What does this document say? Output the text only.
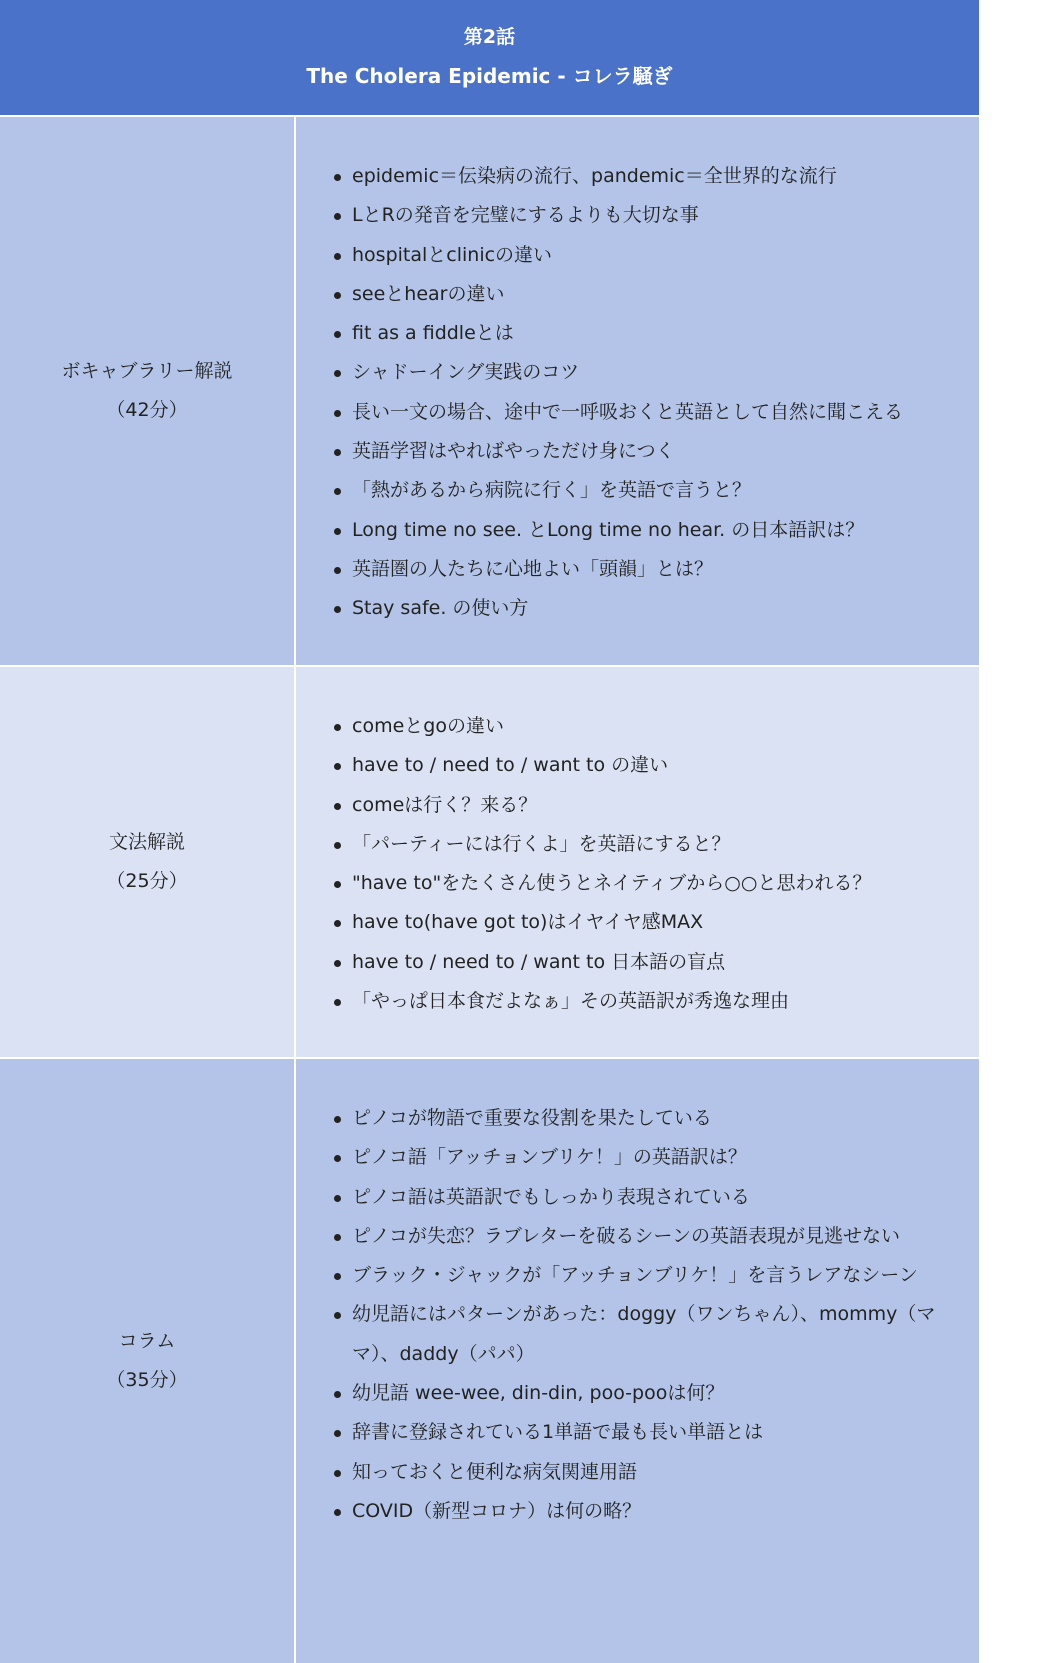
第2話
The Cholera Epidemic - コレラ騒ぎ
ボキャブラリー解説
（42分）
epidemic＝伝染病の流行、pandemic＝全世界的な流行
LとRの発音を完璧にするよりも大切な事
hospitalとclinicの違い
seeとhearの違い
fit as a fiddleとは
シャドーイング実践のコツ
長い一文の場合、途中で一呼吸おくと英語として自然に聞こえる
英語学習はやればやっただけ身につく
「熱があるから病院に行く」を英語で言うと？
Long time no see. とLong time no hear. の日本語訳は？
英語圏の人たちに心地よい「頭韻」とは？
Stay safe. の使い方
文法解説
（25分）
comeとgoの違い
have to / need to / want to の違い
comeは行く？来る？
「パーティーには行くよ」を英語にすると？
"have to"をたくさん使うとネイティブから○○と思われる？
have to(have got to)はイヤイヤ感MAX
have to / need to / want to 日本語の盲点
「やっぱ日本食だよなぁ」その英語訳が秀逸な理由
コラム
（35分）
ピノコが物語で重要な役割を果たしている
ピノコ語「アッチョンブリケ！」の英語訳は？
ピノコ語は英語訳でもしっかり表現されている
ピノコが失恋？ラブレターを破るシーンの英語表現が見逃せない
ブラック・ジャックが「アッチョンブリケ！」を言うレアなシーン
幼児語にはパターンがあった：doggy（ワンちゃん）、mommy（ママ）、daddy（パパ）
幼児語 wee-wee, din-din, poo-pooは何？
辞書に登録されている1単語で最も長い単語とは
知っておくと便利な病気関連用語
COVID（新型コロナ）は何の略？
